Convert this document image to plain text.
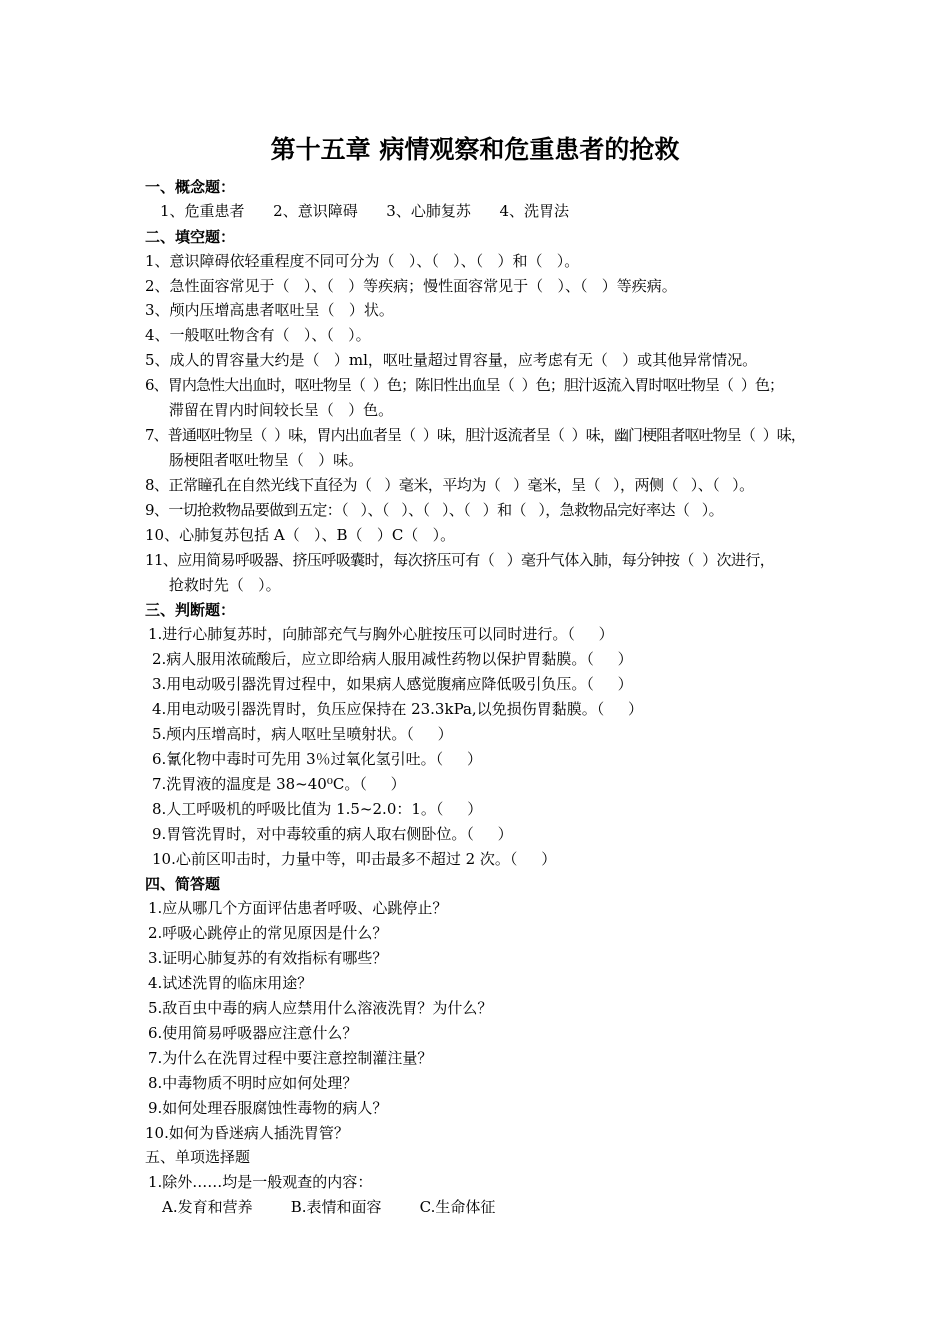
第十五章 病情观察和危重患者的抢救
一、概念题：
1、危重患者      2、意识障碍      3、心肺复苏      4、洗胃法
二、填空题：
1、意识障碍依轻重程度不同可分为（   ）、（   ）、（   ）和（   ）。
2、急性面容常见于（   ）、（   ）等疾病；慢性面容常见于（   ）、（   ）等疾病。
3、颅内压增高患者呕吐呈（   ）状。
4、一般呕吐物含有（   ）、（   ）。
5、成人的胃容量大约是（   ）ml，呕吐量超过胃容量，应考虑有无（   ）或其他异常情况。
6、胃内急性大出血时，呕吐物呈（  ）色；陈旧性出血呈（  ）色；胆汁返流入胃时呕吐物呈（  ）色；
滞留在胃内时间较长呈（   ）色。
7、普通呕吐物呈（  ）味，胃内出血者呈（  ）味，胆汁返流者呈（  ）味，幽门梗阻者呕吐物呈（  ）味，
肠梗阻者呕吐物呈（   ）味。
8、正常瞳孔在自然光线下直径为（   ）毫米，平均为（   ）毫米，呈（   ），两侧（   ）、（   ）。
9、一切抢救物品要做到五定：（   ）、（   ）、（   ）、（   ）和（   ），急救物品完好率达（   ）。
10、心肺复苏包括 A（   ）、B（   ）C（   ）。
11、应用简易呼吸器、挤压呼吸囊时，每次挤压可有（   ）毫升气体入肺，每分钟按（  ）次进行，
抢救时先（   ）。
三、判断题：
1.进行心肺复苏时，向肺部充气与胸外心脏按压可以同时进行。（     ）
2.病人服用浓硫酸后，应立即给病人服用减性药物以保护胃黏膜。（     ）
3.用电动吸引器洗胃过程中，如果病人感觉腹痛应降低吸引负压。（     ）
4.用电动吸引器洗胃时，负压应保持在 23.3kPa,以免损伤胃黏膜。（     ）
5.颅内压增高时，病人呕吐呈喷射状。（     ）
6.氰化物中毒时可先用 3％过氧化氢引吐。（     ）
7.洗胃液的温度是 38~40⁰C。（     ）
8.人工呼吸机的呼吸比值为 1.5~2.0：1。（     ）
9.胃管洗胃时，对中毒较重的病人取右侧卧位。（     ）
10.心前区叩击时，力量中等，叩击最多不超过 2 次。（     ）
四、简答题
1.应从哪几个方面评估患者呼吸、心跳停止？
2.呼吸心跳停止的常见原因是什么？
3.证明心肺复苏的有效指标有哪些？
4.试述洗胃的临床用途？
5.敌百虫中毒的病人应禁用什么溶液洗胃？为什么？
6.使用简易呼吸器应注意什么？
7.为什么在洗胃过程中要注意控制灌注量？
8.中毒物质不明时应如何处理？
9.如何处理吞服腐蚀性毒物的病人？
10.如何为昏迷病人插洗胃管？
五、单项选择题
1.除外……均是一般观查的内容：
A.发育和营养        B.表情和面容        C.生命体征
